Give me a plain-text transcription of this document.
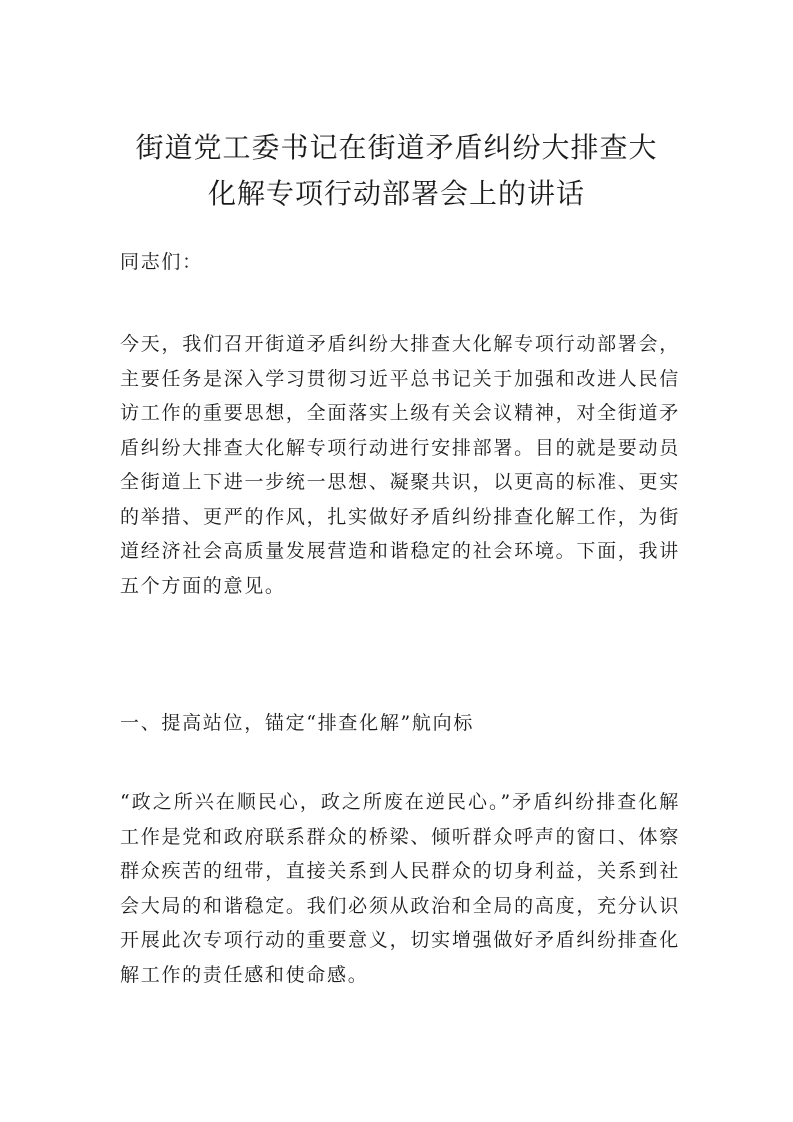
街道党工委书记在街道矛盾纠纷大排查大
化解专项行动部署会上的讲话

同志们：

今天，我们召开街道矛盾纠纷大排查大化解专项行动部署会，主要任务是深入学习贯彻习近平总书记关于加强和改进人民信访工作的重要思想，全面落实上级有关会议精神，对全街道矛盾纠纷大排查大化解专项行动进行安排部署。目的就是要动员全街道上下进一步统一思想、凝聚共识，以更高的标准、更实的举措、更严的作风，扎实做好矛盾纠纷排查化解工作，为街道经济社会高质量发展营造和谐稳定的社会环境。下面，我讲五个方面的意见。

一、提高站位，锚定“排查化解”航向标

“政之所兴在顺民心，政之所废在逆民心。”矛盾纠纷排查化解工作是党和政府联系群众的桥梁、倾听群众呼声的窗口、体察群众疾苦的纽带，直接关系到人民群众的切身利益，关系到社会大局的和谐稳定。我们必须从政治和全局的高度，充分认识开展此次专项行动的重要意义，切实增强做好矛盾纠纷排查化解工作的责任感和使命感。
